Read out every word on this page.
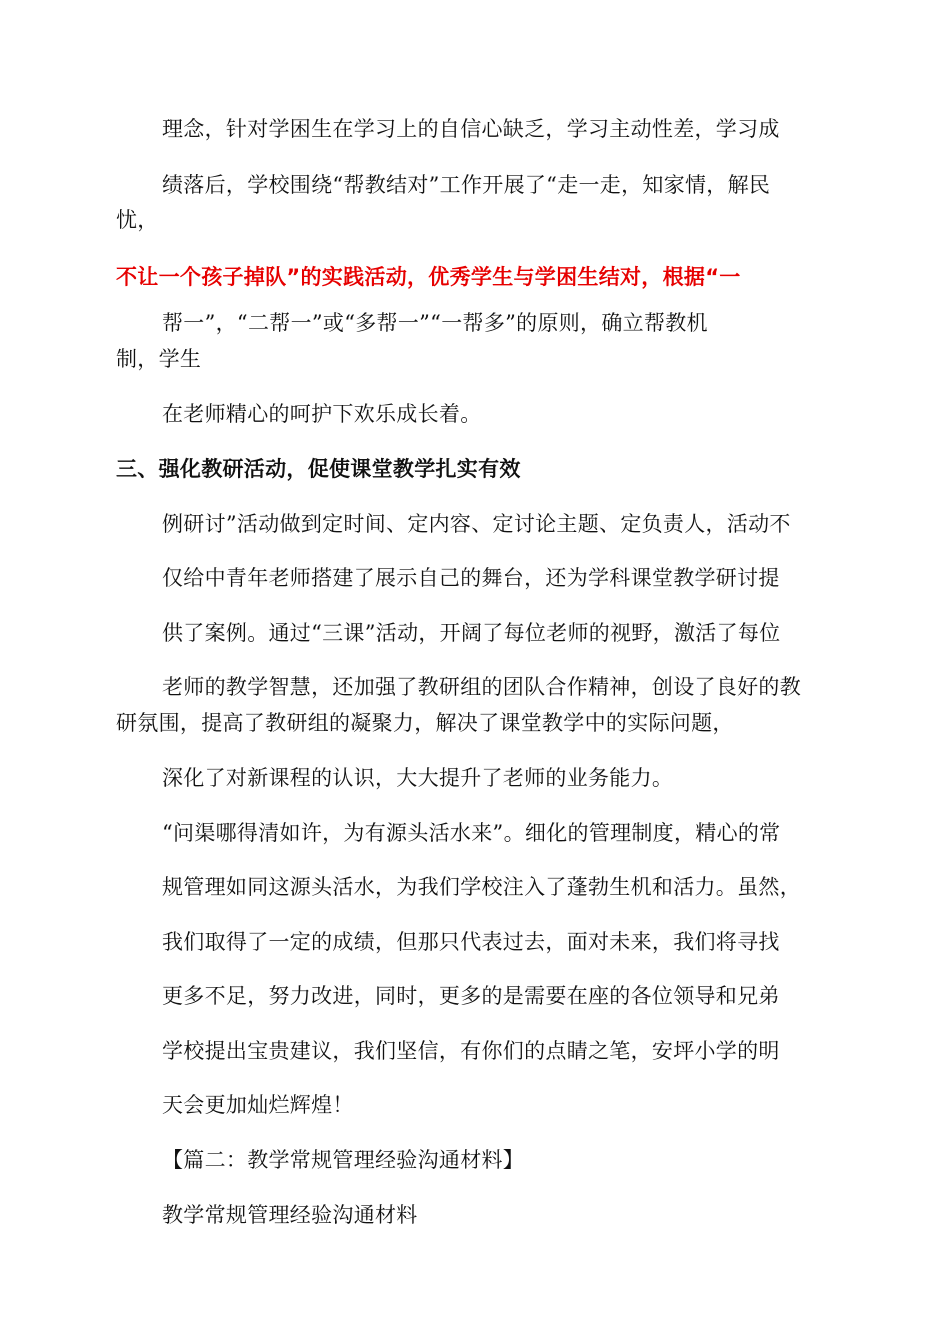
理念，针对学困生在学习上的自信心缺乏，学习主动性差，学习成
绩落后，学校围绕“帮教结对”工作开展了“走一走，知家情，解民
忧，
不让一个孩子掉队”的实践活动，优秀学生与学困生结对，根据“一
帮一”，“二帮一”或“多帮一”“一帮多”的原则，确立帮教机
制，学生
在老师精心的呵护下欢乐成长着。
三、强化教研活动，促使课堂教学扎实有效
例研讨”活动做到定时间、定内容、定讨论主题、定负责人，活动不
仅给中青年老师搭建了展示自己的舞台，还为学科课堂教学研讨提
供了案例。通过“三课”活动，开阔了每位老师的视野，激活了每位
老师的教学智慧，还加强了教研组的团队合作精神，创设了良好的教
研氛围，提高了教研组的凝聚力，解决了课堂教学中的实际问题，
深化了对新课程的认识，大大提升了老师的业务能力。
“问渠哪得清如许，为有源头活水来”。细化的管理制度，精心的常
规管理如同这源头活水，为我们学校注入了蓬勃生机和活力。虽然，
我们取得了一定的成绩，但那只代表过去，面对未来，我们将寻找
更多不足，努力改进，同时，更多的是需要在座的各位领导和兄弟
学校提出宝贵建议，我们坚信，有你们的点睛之笔，安坪小学的明
天会更加灿烂辉煌！
【篇二：教学常规管理经验沟通材料】
教学常规管理经验沟通材料
